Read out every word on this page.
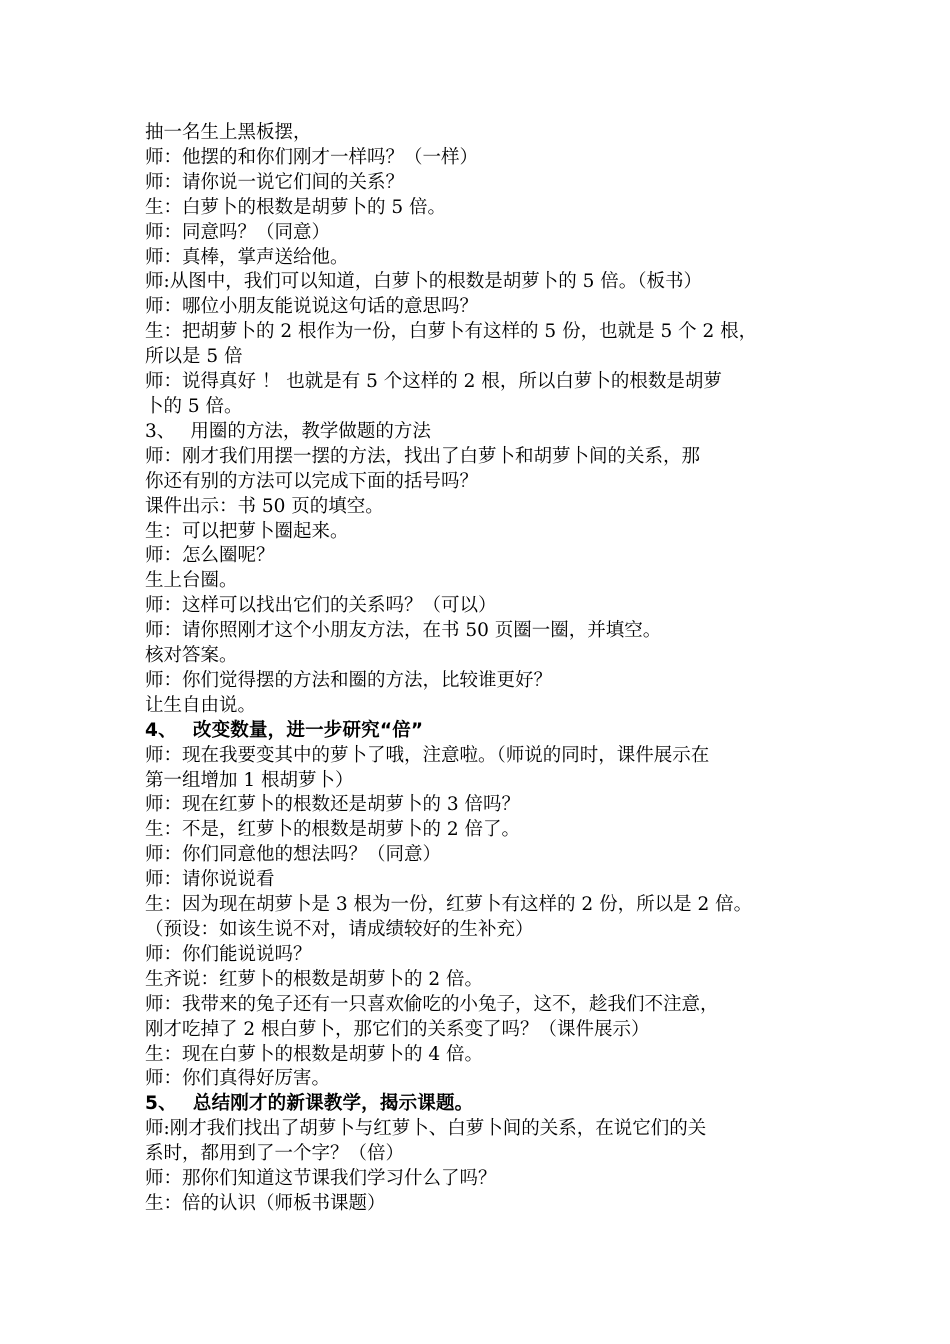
抽一名生上黑板摆，
师：他摆的和你们刚才一样吗？（一样）
师：请你说一说它们间的关系？
生：白萝卜的根数是胡萝卜的 5 倍。
师：同意吗？（同意）
师：真棒，掌声送给他。
师:从图中，我们可以知道，白萝卜的根数是胡萝卜的 5 倍。（板书）
师：哪位小朋友能说说这句话的意思吗？
生：把胡萝卜的 2 根作为一份，白萝卜有这样的 5 份，也就是 5 个 2 根，
所以是 5 倍
师：说得真好 ！ 也就是有 5 个这样的 2 根，所以白萝卜的根数是胡萝
卜的 5 倍。
3、　 用圈的方法，教学做题的方法
师：刚才我们用摆一摆的方法，找出了白萝卜和胡萝卜间的关系，那
你还有别的方法可以完成下面的括号吗？
课件出示：书 50 页的填空。
生：可以把萝卜圈起来。
师：怎么圈呢？
生上台圈。
师：这样可以找出它们的关系吗？（可以）
师：请你照刚才这个小朋友方法，在书 50 页圈一圈，并填空。
核对答案。
师：你们觉得摆的方法和圈的方法，比较谁更好？
让生自由说。
4、　 改变数量，进一步研究“倍”
师：现在我要变其中的萝卜了哦，注意啦。（师说的同时，课件展示在
第一组增加 1 根胡萝卜）
师：现在红萝卜的根数还是胡萝卜的 3 倍吗？
生：不是，红萝卜的根数是胡萝卜的 2 倍了。
师：你们同意他的想法吗？（同意）
师：请你说说看
生：因为现在胡萝卜是 3 根为一份，红萝卜有这样的 2 份，所以是 2 倍。
（预设：如该生说不对，请成绩较好的生补充）
师：你们能说说吗？
生齐说：红萝卜的根数是胡萝卜的 2 倍。
师：我带来的兔子还有一只喜欢偷吃的小兔子，这不，趁我们不注意，
刚才吃掉了 2 根白萝卜，那它们的关系变了吗？（课件展示）
生：现在白萝卜的根数是胡萝卜的 4 倍。
师：你们真得好厉害。
5、　 总结刚才的新课教学，揭示课题。
师:刚才我们找出了胡萝卜与红萝卜、白萝卜间的关系，在说它们的关
系时，都用到了一个字？（倍）
师：那你们知道这节课我们学习什么了吗？
生：倍的认识（师板书课题）
